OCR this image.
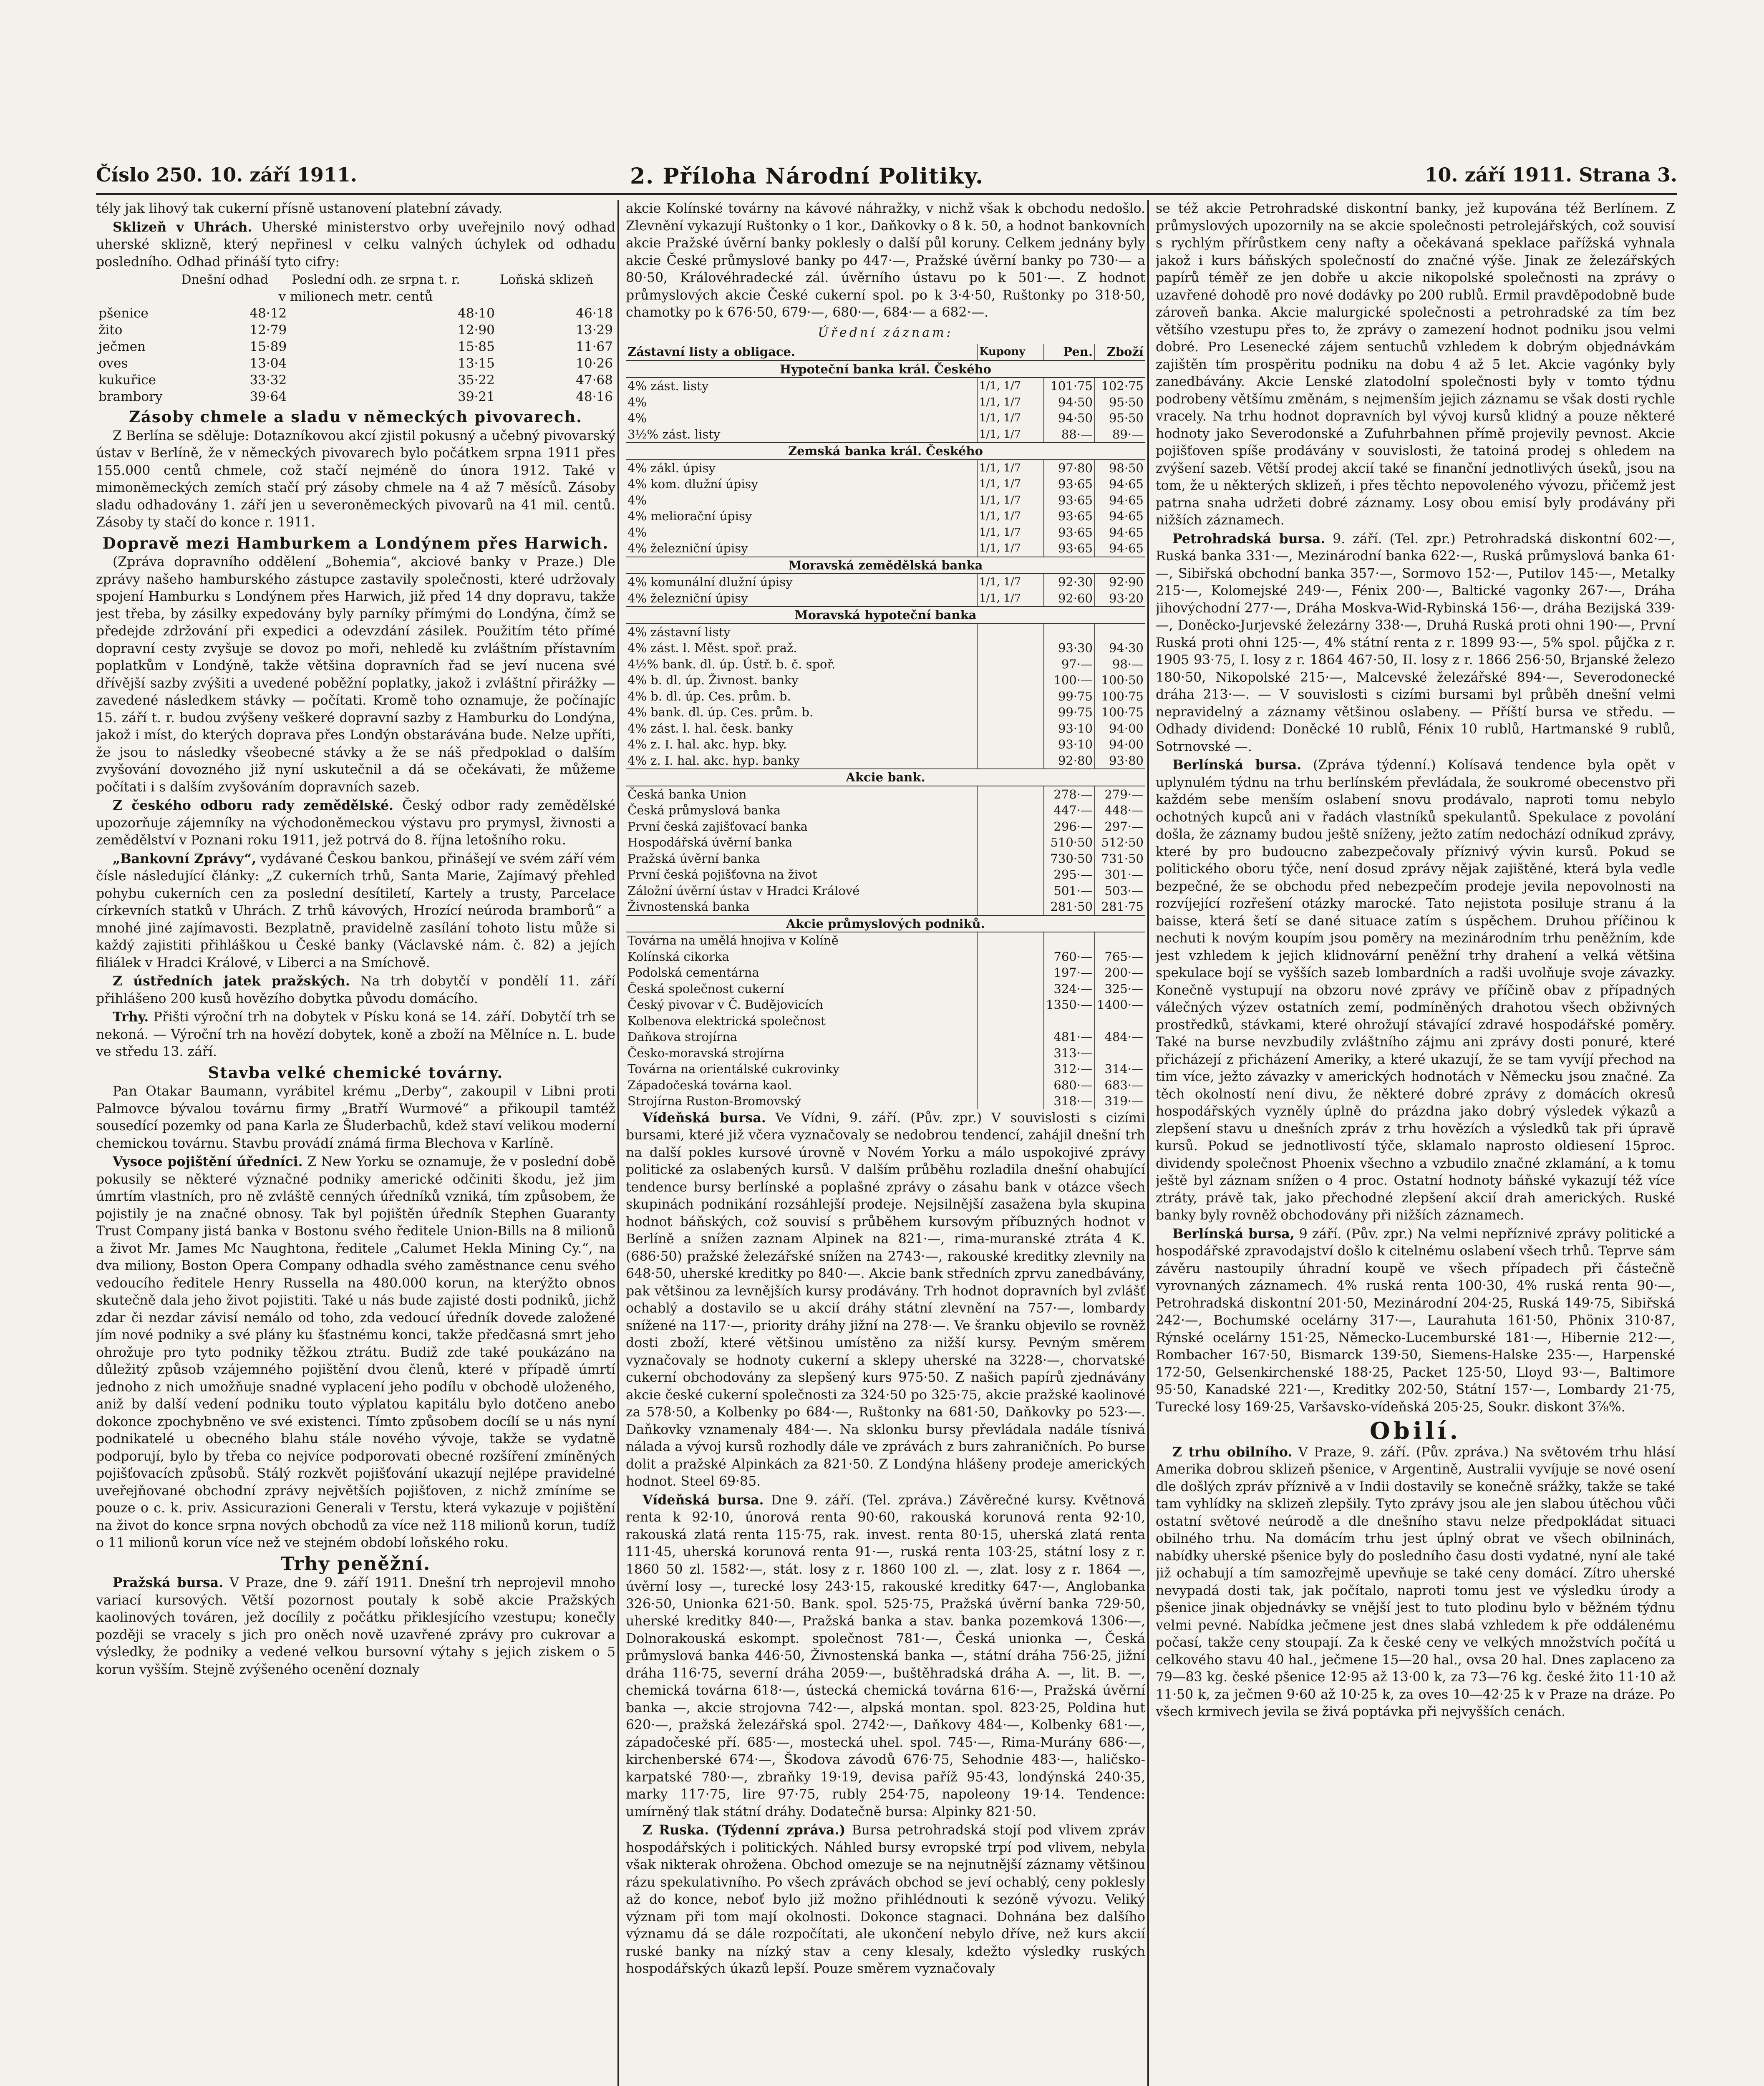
Číslo 250. 10. září 1911.	2. Příloha Národní Politiky.	10. září 1911. Strana 3.

tély jak lihový tak cukerní přísně ustanovení platební závady.

Sklizeň v Uhrách. Uherské ministerstvo orby uveřejnilo nový odhad uherské sklizně, který nepřinesl v celku valných úchylek od odhadu posledního. Odhad přináší tyto cifry:

	Dnešní odhad	Poslední odh. ze srpna t. r.	Loňská sklizeň
v milionech metr. centů			
pšenice	48·12	48·10	46·18
žito	12·79	12·90	13·29
ječmen	15·89	15·85	11·67
oves	13·04	13·15	10·26
kukuřice	33·32	35·22	47·68
brambory	39·64	39·21	48·16

Zásoby chmele a sladu v německých pivovarech.

Z Berlína se sděluje: Dotazníkovou akcí zjistil pokusný a učebný pivovarský ústav v Berlíně, že v německých pivovarech bylo počátkem srpna 1911 přes 155.000 centů chmele, což stačí nejméně do února 1912. Také v mimoněmeckých zemích stačí prý zásoby chmele na 4 až 7 měsíců. Zásoby sladu odhadovány 1. září jen u severoněmeckých pivovarů na 41 mil. centů. Zásoby ty stačí do konce r. 1911.

Dopravě mezi Hamburkem a Londýnem přes Harwich.

(Zpráva dopravního oddělení „Bohemia“, akciové banky v Praze.) Dle zprávy našeho hamburského zástupce zastavily společnosti, které udržovaly spojení Hamburku s Londýnem přes Harwich, již před 14 dny dopravu, takže jest třeba, by zásilky expedovány byly parníky přímými do Londýna, čímž se předejde zdržování při expedici a odevzdání zásilek. Použitím této přímé dopravní cesty zvyšuje se dovoz po moři, nehledě ku zvláštním přístavním poplatkům v Londýně, takže většina dopravních řad se jeví nucena své dřívější sazby zvýšiti a uvedené poběžní poplatky, jakož i zvláštní přirážky — zavedené následkem stávky — počítati. Kromě toho oznamuje, že počínajíc 15. září t. r. budou zvýšeny veškeré dopravní sazby z Hamburku do Londýna, jakož i míst, do kterých doprava přes Londýn obstarávána bude. Nelze upříti, že jsou to následky všeobecné stávky a že se náš předpoklad o dalším zvyšování dovozného již nyní uskutečnil a dá se očekávati, že můžeme počítati i s dalším zvyšováním dopravních sazeb.

Z českého odboru rady zemědělské. Český odbor rady zemědělské upozorňuje zájemníky na východoněmeckou výstavu pro prymysl, živnosti a zemědělství v Poznani roku 1911, jež potrvá do 8. října letošního roku.

„Bankovní Zprávy“, vydávané Českou bankou, přinášejí ve svém září vém čísle následující články: „Z cukerních trhů, Santa Marie, Zajímavý přehled pohybu cukerních cen za poslední desítiletí, Kartely a trusty, Parcelace církevních statků v Uhrách. Z trhů kávových, Hrozící neúroda bramborů“ a mnohé jiné zajímavosti. Bezplatně, pravidelně zasílání tohoto listu může si každý zajistiti přihláškou u České banky (Václavské nám. č. 82) a jejích filiálek v Hradci Králové, v Liberci a na Smíchově.

Z ústředních jatek pražských. Na trh dobytčí v pondělí 11. září přihlášeno 200 kusů hovězího dobytka původu domácího.

Trhy. Přišti výroční trh na dobytek v Písku koná se 14. září. Dobytčí trh se nekoná. — Výroční trh na hovězí dobytek, koně a zboží na Mělníce n. L. bude ve středu 13. září.

Stavba velké chemické továrny.

Pan Otakar Baumann, vyrábitel krému „Derby“, zakoupil v Libni proti Palmovce bývalou továrnu firmy „Bratří Wurmové“ a přikoupil tamtéž sousedící pozemky od pana Karla ze Šluderbachů, kdež staví velikou moderní chemickou továrnu. Stavbu provádí známá firma Blechova v Karlíně.

Vysoce pojištění úředníci. Z New Yorku se oznamuje, že v poslední době pokusily se některé význačné podniky americké odčiniti škodu, jež jim úmrtím vlastních, pro ně zvláště cenných úředníků vzniká, tím způsobem, že pojistily je na značné obnosy. Tak byl pojištěn úředník Stephen Guaranty Trust Company jistá banka v Bostonu svého ředitele Union-Bills na 8 milionů a život Mr. James Mc Naughtona, ředitele „Calumet Hekla Mining Cy.“, na dva miliony, Boston Opera Company odhadla svého zaměstnance cenu svého vedoucího ředitele Henry Russella na 480.000 korun, na kterýžto obnos skutečně dala jeho život pojistiti. Také u nás bude zajisté dosti podniků, jichž zdar či nezdar závisí nemálo od toho, zda vedoucí úředník dovede založené jím nové podniky a své plány ku šťastnému konci, takže předčasná smrt jeho ohrožuje pro tyto podniky těžkou ztrátu. Budiž zde také poukázáno na důležitý způsob vzájemného pojištění dvou členů, které v případě úmrtí jednoho z nich umožňuje snadné vyplacení jeho podílu v obchodě uloženého, aniž by další vedení podniku touto výplatou kapitálu bylo dotčeno anebo dokonce zpochybněno ve své existenci. Tímto způsobem docílí se u nás nyní podnikatelé u obecného blahu stále nového vývoje, takže se vydatně podporují, bylo by třeba co nejvíce podporovati obecné rozšíření zmíněných pojišťovacích způsobů. Stálý rozkvět pojišťování ukazují nejlépe pravidelné uveřejňované obchodní zprávy největších pojišťoven, z nichž zmíníme se pouze o c. k. priv. Assicurazioni Generali v Terstu, která vykazuje v pojištění na život do konce srpna nových obchodů za více než 118 milionů korun, tudíž o 11 milionů korun více než ve stejném období loňského roku.

Trhy peněžní.

Pražská bursa. V Praze, dne 9. září 1911. Dnešní trh neprojevil mnoho variací kursových. Větší pozornost poutaly k sobě akcie Pražských kaolinových továren, jež docílily z počátku přiklesjícího vzestupu; konečly později se vracely s jich pro oněch nově uzavřené zprávy pro cukrovar a výsledky, že podniky a vedené velkou bursovní výtahy s jejich ziskem o 5 korun vyšším. Stejně zvýšeného ocenění doznaly

akcie Kolínské továrny na kávové náhražky, v nichž však k obchodu nedošlo. Zlevnění vykazují Ruštonky o 1 kor., Daňkovky o 8 k. 50, a hodnot bankovních akcie Pražské úvěrní banky poklesly o další půl koruny. Celkem jednány byly akcie České průmyslové banky po 447·—, Pražské úvěrní banky po 730·— a 80·50, Královéhradecké zál. úvěrního ústavu po k 501·—. Z hodnot průmyslových akcie České cukerní spol. po k 3·4·50, Ruštonky po 318·50, chamotky po k 676·50, 679·—, 680·—, 684·— a 682·—.

Úřední záznam:
Zástavní listy a obligace.	Kupony	Pen.	Zboží
Hypoteční banka král. Českého			
4% zást. listy	1/1, 1/7	101·75	102·75
4%	1/1, 1/7	94·50	95·50
4%	1/1, 1/7	94·50	95·50
3½% zást. listy	1/1, 1/7	88·—	89·—
Zemská banka král. Českého			
4% zákl. úpisy	1/1, 1/7	97·80	98·50
4% kom. dlužní úpisy	1/1, 1/7	93·65	94·65
4%	1/1, 1/7	93·65	94·65
4% meliorační úpisy	1/1, 1/7	93·65	94·65
4%	1/1, 1/7	93·65	94·65
4% železniční úpisy	1/1, 1/7	93·65	94·65
Moravská zemědělská banka			
4% komunální dlužní úpisy	1/1, 1/7	92·30	92·90
4% železniční úpisy	1/1, 1/7	92·60	93·20
Moravská hypoteční banka			
4% zástavní listy			
4% zást. l. Měst. spoř. praž.		93·30	94·30
4½% bank. dl. úp. Ústř. b. č. spoř.		97·—	98·—
4% b. dl. úp. Živnost. banky		100·—	100·50
4% b. dl. úp. Ces. prům. b.		99·75	100·75
4% bank. dl. úp. Ces. prům. b.		99·75	100·75
4% zást. l. hal. česk. banky		93·10	94·00
4% z. I. hal. akc. hyp. bky.		93·10	94·00
4% z. I. hal. akc. hyp. banky		92·80	93·80
Akcie bank.			
Česká banka Union		278·—	279·—
Česká průmyslová banka		447·—	448·—
První česká zajišťovací banka		296·—	297·—
Hospodářská úvěrní banka		510·50	512·50
Pražská úvěrní banka		730·50	731·50
První česká pojišťovna na život		295·—	301·—
Záložní úvěrní ústav v Hradci Králové		501·—	503·—
Živnostenská banka		281·50	281·75
Akcie průmyslových podniků.			
Továrna na umělá hnojiva v Kolíně			
Kolínská cikorka		760·—	765·—
Podolská cementárna		197·—	200·—
Česká společnost cukerní		324·—	325·—
Český pivovar v Č. Budějovicích		1350·—	1400·—
Kolbenova elektrická společnost			
Daňkova strojírna		481·—	484·—
Česko-moravská strojírna		313·—	
Továrna na orientálské cukrovinky		312·—	314·—
Západočeská továrna kaol.		680·—	683·—
Strojírna Ruston-Bromovský		318·—	319·—

Vídeňská bursa. Ve Vídni, 9. září. (Pův. zpr.) V souvislosti s cizími bursami, které již včera vyznačovaly se nedobrou tendencí, zahájil dnešní trh na další pokles kursové úrovně v Novém Yorku a málo uspokojivé zprávy politické za oslabených kursů. V dalším průběhu rozladila dnešní ohabující tendence bursy berlínské a poplašné zprávy o zásahu bank v otázce všech skupinách podnikání rozsáhlejší prodeje. Nejsilnější zasažena byla skupina hodnot báňských, což souvisí s průběhem kursovým příbuzných hodnot v Berlíně a snížen zaznam Alpinek na 821·—, rima-muranské ztráta 4 K. (686·50) pražské železářské snížen na 2743·—, rakouské kreditky zlevnily na 648·50, uherské kreditky po 840·—. Akcie bank středních zprvu zanedbávány, pak většinou za levnějších kursy prodávány. Trh hodnot dopravních byl zvlášť ochablý a dostavilo se u akcií dráhy státní zlevnění na 757·—, lombardy snížené na 117·—, priority dráhy jižní na 278·—. Ve šranku objevilo se rovněž dosti zboží, které většinou umístěno za nižší kursy. Pevným směrem vyznačovaly se hodnoty cukerní a sklepy uherské na 3228·—, chorvatské cukerní obchodovány za slepšený kurs 975·50. Z našich papírů zjednávány akcie české cukerní společnosti za 324·50 po 325·75, akcie pražské kaolinové za 578·50, a Kolbenky po 684·—, Ruštonky na 681·50, Daňkovky po 523·—. Daňkovky vznamenaly 484·—. Na sklonku bursy převládala nadále tísnivá nálada a vývoj kursů rozhodly dále ve zprávách z burs zahraničních. Po burse dolit a pražské Alpinkách za 821·50. Z Londýna hlášeny prodeje amerických hodnot. Steel 69·85.

Vídeňská bursa. Dne 9. září. (Tel. zpráva.) Závěrečné kursy. Květnová renta k 92·10, únorová renta 90·60, rakouská korunová renta 92·10, rakouská zlatá renta 115·75, rak. invest. renta 80·15, uherská zlatá renta 111·45, uherská korunová renta 91·—, ruská renta 103·25, státní losy z r. 1860 50 zl. 1582·—, stát. losy z r. 1860 100 zl. —, zlat. losy z r. 1864 —, úvěrní losy —, turecké losy 243·15, rakouské kreditky 647·—, Anglobanka 326·50, Unionka 621·50. Bank. spol. 525·75, Pražská úvěrní banka 729·50, uherské kreditky 840·—, Pražská banka a stav. banka pozemková 1306·—, Dolnorakouská eskompt. společnost 781·—, Česká unionka —, Česká průmyslová banka 446·50, Živnostenská banka —, státní dráha 756·25, jižní dráha 116·75, severní dráha 2059·—, buštěhradská dráha A. —, lit. B. —, chemická továrna 618·—, ústecká chemická továrna 616·—, Pražská úvěrní banka —, akcie strojovna 742·—, alpská montan. spol. 823·25, Poldina hut 620·—, pražská železářská spol. 2742·—, Daňkovy 484·—, Kolbenky 681·—, západočeské pří. 685·—, mostecká uhel. spol. 745·—, Rima-Murány 686·—, kirchenberské 674·—, Škodova závodů 676·75, Sehodnie 483·—, haličsko-karpatské 780·—, zbraňky 19·19, devisa paříž 95·43, londýnská 240·35, marky 117·75, lire 97·75, rubly 254·75, napoleony 19·14. Tendence: umírněný tlak státní dráhy. Dodatečně bursa: Alpinky 821·50.

Z Ruska. (Týdenní zpráva.) Bursa petrohradská stojí pod vlivem zpráv hospodářských i politických. Náhled bursy evropské trpí pod vlivem, nebyla však nikterak ohrožena. Obchod omezuje se na nejnutnější záznamy většinou rázu spekulativního. Po všech zprávách obchod se jeví ochablý, ceny poklesly až do konce, neboť bylo již možno přihlédnouti k sezóně vývozu. Veliký význam při tom mají okolnosti. Dokonce stagnaci. Dohnána bez dalšího významu dá se dále rozpočítati, ale ukončení nebylo dříve, než kurs akcií ruské banky na nízký stav a ceny klesaly, kdežto výsledky ruských hospodářských úkazů lepší. Pouze směrem vyznačovaly

se též akcie Petrohradské diskontní banky, jež kupována též Berlínem. Z průmyslových upozornily na se akcie společnosti petrolejářských, což souvisí s rychlým přírůstkem ceny nafty a očekávaná speklace pařížská vyhnala jakož i kurs báňských společností do značné výše. Jinak ze železářských papírů téměř ze jen dobře u akcie nikopolské společnosti na zprávy o uzavřené dohodě pro nové dodávky po 200 rublů. Ermil pravděpodobně bude zároveň banka. Akcie malurgické společnosti a petrohradské za tím bez většího vzestupu přes to, že zprávy o zamezení hodnot podniku jsou velmi dobré. Pro Lesenecké zájem sentuchů vzhledem k dobrým objednávkám zajištěn tím prospěritu podniku na dobu 4 až 5 let. Akcie vagónky byly zanedbávány. Akcie Lenské zlatodolní společnosti byly v tomto týdnu podrobeny většímu změnám, s nejmenším jejich záznamu se však dosti rychle vracely. Na trhu hodnot dopravních byl vývoj kursů klidný a pouze některé hodnoty jako Severodonské a Zufuhrbahnen přímě projevily pevnost. Akcie pojišťoven spíše prodávány v souvislosti, že tatoiná prodej s ohledem na zvýšení sazeb. Větší prodej akcií také se finanční jednotlivých úseků, jsou na tom, že u některých sklizeň, i přes těchto nepovoleného vývozu, přičemž jest patrna snaha udržeti dobré záznamy. Losy obou emisí byly prodávány při nižších záznamech.

Petrohradská bursa. 9. září. (Tel. zpr.) Petrohradská diskontní 602·—, Ruská banka 331·—, Mezinárodní banka 622·—, Ruská průmyslová banka 61·—, Sibiřská obchodní banka 357·—, Sormovo 152·—, Putilov 145·—, Metalky 215·—, Kolomejské 249·—, Fénix 200·—, Baltické vagonky 267·—, Dráha jihovýchodní 277·—, Dráha Moskva-Wid-Rybinská 156·—, dráha Bezijská 339·—, Doněcko-Jurjevské železárny 338·—, Druhá Ruská proti ohni 190·—, První Ruská proti ohni 125·—, 4% státní renta z r. 1899 93·—, 5% spol. půjčka z r. 1905 93·75, I. losy z r. 1864 467·50, II. losy z r. 1866 256·50, Brjanské železo 180·50, Nikopolské 215·—, Malcevské železářské 894·—, Severodonecké dráha 213·—. — V souvislosti s cizími bursami byl průběh dnešní velmi nepravidelný a záznamy většinou oslabeny. — Příští bursa ve středu. — Odhady dividend: Doněcké 10 rublů, Fénix 10 rublů, Hartmanské 9 rublů, Sotrnovské —.

Berlínská bursa. (Zpráva týdenní.) Kolísavá tendence byla opět v uplynulém týdnu na trhu berlínském převládala, že soukromé obecenstvo při každém sebe menším oslabení snovu prodávalo, naproti tomu nebylo ochotných kupců ani v řadách vlastníků spekulantů. Spekulace z povolání došla, že záznamy budou ještě sníženy, ježto zatím nedochází odníkud zprávy, které by pro budoucno zabezpečovaly příznivý vývin kursů. Pokud se politického oboru týče, není dosud zprávy nějak zajištěné, která byla vedle bezpečné, že se obchodu před nebezpečím prodeje jevila nepovolnosti na rozvíjející rozřešení otázky marocké. Tato nejistota posiluje stranu á la baisse, která šetí se dané situace zatím s úspěchem. Druhou příčinou k nechuti k novým koupím jsou poměry na mezinárodním trhu peněžním, kde jest vzhledem k jejich klidnovární peněžní trhy drahení a velká většina spekulace bojí se vyšších sazeb lombardních a radši uvolňuje svoje závazky. Konečně vystupují na obzoru nové zprávy ve příčině obav z případných válečných výzev ostatních zemí, podmíněných drahotou všech obživných prostředků, stávkami, které ohrožují stávající zdravé hospodářské poměry. Také na burse nevzbudily zvláštního zájmu ani zprávy dosti ponuré, které přicházejí z přicházení Ameriky, a které ukazují, že se tam vyvíjí přechod na tim více, ježto závazky v amerických hodnotách v Německu jsou značné. Za těch okolností není divu, že některé dobré zprávy z domácích okresů hospodářských vyzněly úplně do prázdna jako dobrý výsledek výkazů a zlepšení stavu u dnešních zpráv z trhu hovězích a výsledků tak při úpravě kursů. Pokud se jednotlivostí týče, sklamalo naprosto oldiesení 15proc. dividendy společnost Phoenix všechno a vzbudilo značné zklamání, a k tomu ještě byl záznam snížen o 4 proc. Ostatní hodnoty báňské vykazují též více ztráty, právě tak, jako přechodné zlepšení akcií drah amerických. Ruské banky byly rovněž obchodovány při nižších záznamech.

Berlínská bursa, 9 září. (Pův. zpr.) Na velmi nepříznivé zprávy politické a hospodářské zpravodajství došlo k citelnému oslabení všech trhů. Teprve sám závěru nastoupily úhradní koupě ve všech případech při částečně vyrovnaných záznamech. 4% ruská renta 100·30, 4% ruská renta 90·—, Petrohradská diskontní 201·50, Mezinárodní 204·25, Ruská 149·75, Sibiřská 242·—, Bochumské ocelárny 317·—, Laurahuta 161·50, Phönix 310·87, Rýnské ocelárny 151·25, Německo-Lucemburské 181·—, Hibernie 212·—, Rombacher 167·50, Bismarck 139·50, Siemens-Halske 235·—, Harpenské 172·50, Gelsenkirchenské 188·25, Packet 125·50, Lloyd 93·—, Baltimore 95·50, Kanadské 221·—, Kreditky 202·50, Státní 157·—, Lombardy 21·75, Turecké losy 169·25, Varšavsko-vídeňská 205·25, Soukr. diskont 3⅞%.

Obilí.

Z trhu obilního. V Praze, 9. září. (Pův. zpráva.) Na světovém trhu hlásí Amerika dobrou sklizeň pšenice, v Argentině, Australii vyvíjuje se nové osení dle došlých zpráv příznivě a v Indii dostavily se konečně srážky, takže se také tam vyhlídky na sklizeň zlepšily. Tyto zprávy jsou ale jen slabou útěchou vůči ostatní světové neúrodě a dle dnešního stavu nelze předpokládat situaci obilného trhu. Na domácím trhu jest úplný obrat ve všech obilninách, nabídky uherské pšenice byly do posledního času dosti vydatné, nyní ale také již ochabují a tím samozřejmě upevňuje se také ceny domácí. Zítro uherské nevypadá dosti tak, jak počítalo, naproti tomu jest ve výsledku úrody a pšenice jinak objednávky se vnější jest to tuto plodinu bylo v běžném týdnu velmi pevné. Nabídka ječmene jest dnes slabá vzhledem k pře oddálenému počasí, takže ceny stoupají. Za k české ceny ve velkých množstvích počítá u celkového stavu 40 hal., ječmene 15—20 hal., ovsa 20 hal. Dnes zaplaceno za 79—83 kg. české pšenice 12·95 až 13·00 k, za 73—76 kg. české žito 11·10 až 11·50 k, za ječmen 9·60 až 10·25 k, za oves 10—42·25 k v Praze na dráze. Po všech krmivech jevila se živá poptávka při nejvyšších cenách.
